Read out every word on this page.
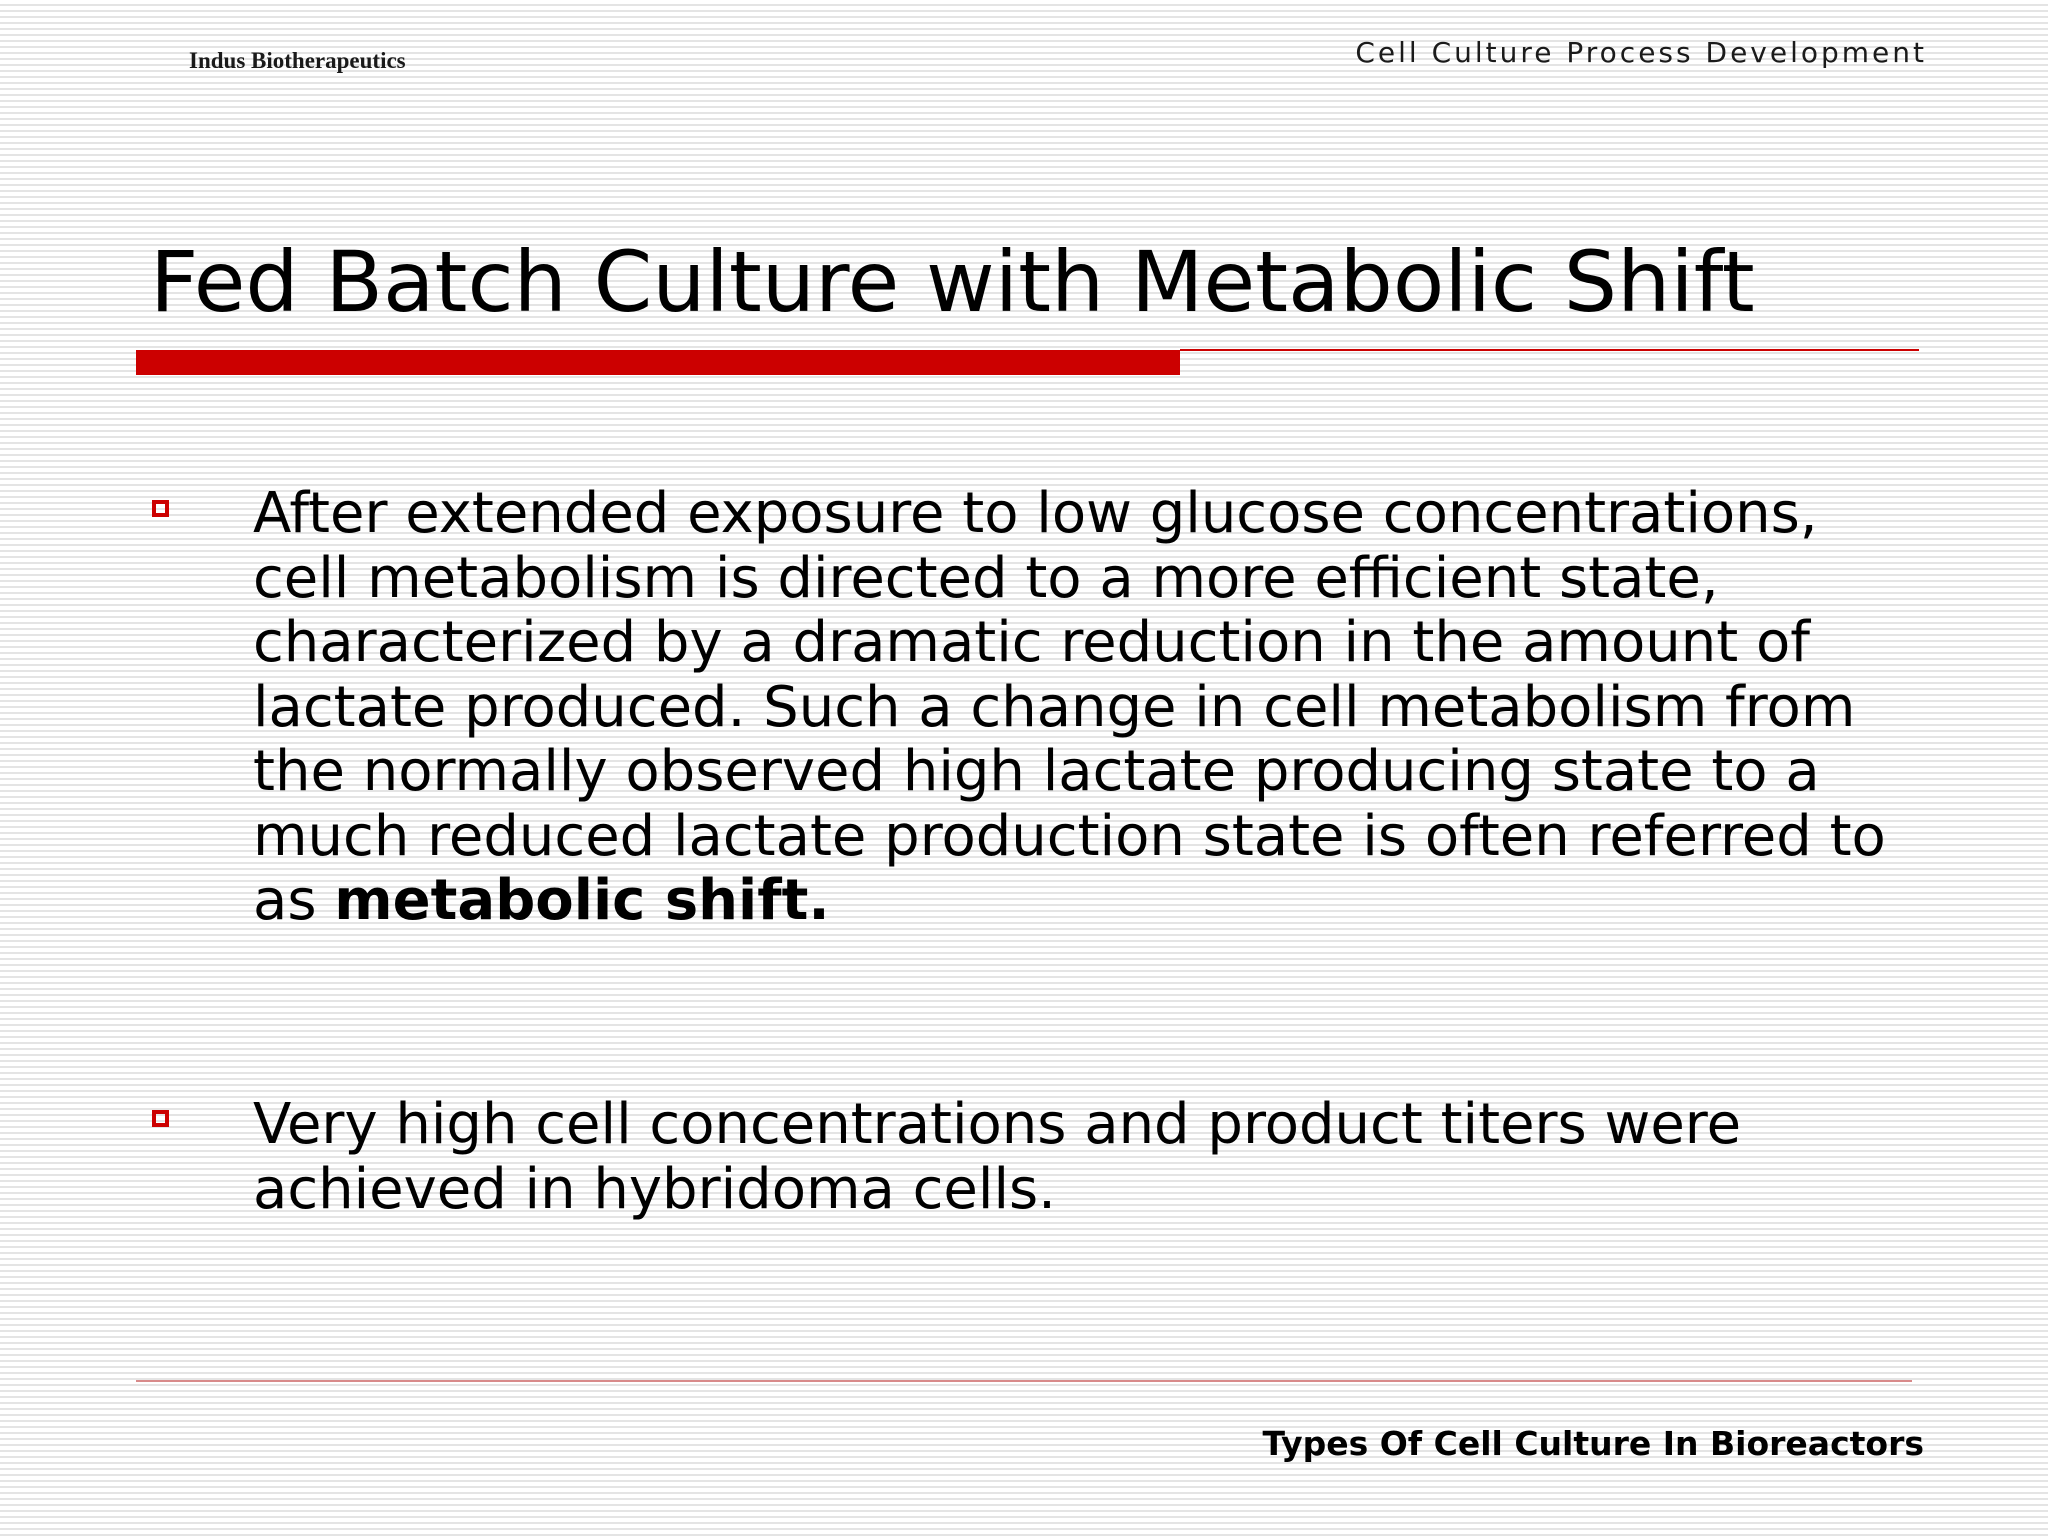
Indus Biotherapeutics	Cell Culture Process Development
Fed Batch Culture with Metabolic Shift
After extended exposure to low glucose concentrations, cell metabolism is directed to a more efficient state, characterized by a dramatic reduction in the amount of lactate produced. Such a change in cell metabolism from the normally observed high lactate producing state to a much reduced lactate production state is often referred to as metabolic shift.
Very high cell concentrations and product titers were achieved in hybridoma cells.
Types Of Cell Culture In Bioreactors
